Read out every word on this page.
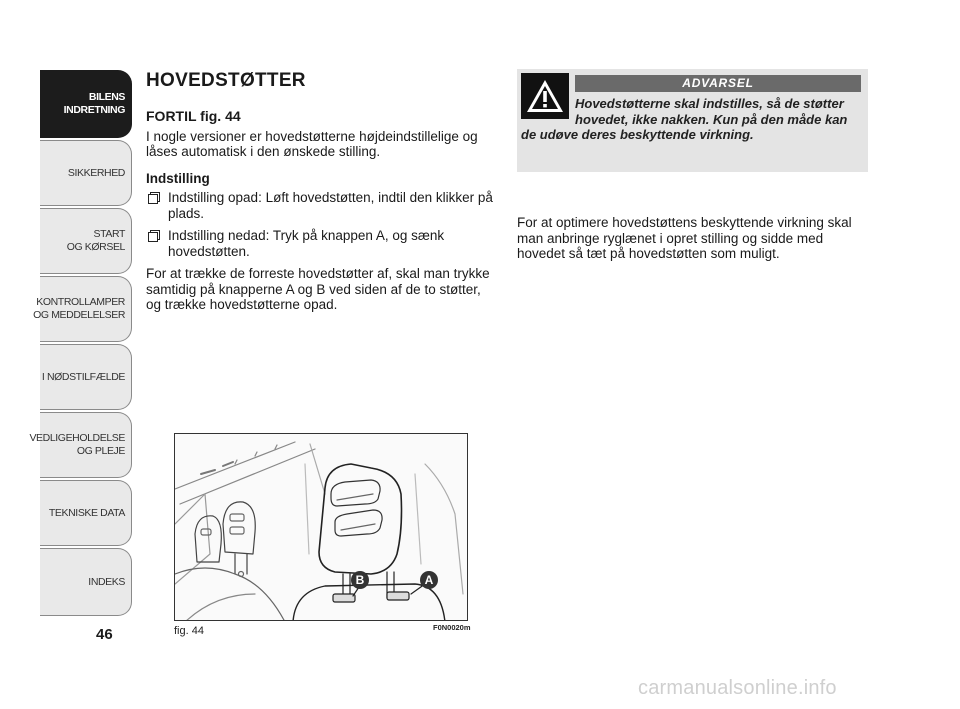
BILENS
INDRETNING
SIKKERHED
START
OG KØRSEL
KONTROLLAMPER
OG MEDDELELSER
I NØDSTILFÆLDE
VEDLIGEHOLDELSE
OG PLEJE
TEKNISKE DATA
INDEKS
46
HOVEDSTØTTER
FORTIL fig. 44
I nogle versioner er hovedstøtterne højdeindstillelige og låses automatisk i den ønskede stilling.
Indstilling
Indstilling opad: Løft hovedstøtten, indtil den klikker på plads.
Indstilling nedad: Tryk på knappen A, og sænk hovedstøtten.
For at trække de forreste hovedstøtter af, skal man trykke samtidig på knapperne A og B ved siden af de to støtter, og trække hovedstøtterne opad.
ADVARSEL
Hovedstøtterne skal indstilles, så de støtter hovedet, ikke nakken. Kun på den måde kan de udøve deres beskyttende virkning.
For at optimere hovedstøttens beskyttende virkning skal man anbringe ryglænet i opret stilling og sidde med hovedet så tæt på hovedstøtten som muligt.
B	A
fig. 44	F0N0020m
carmanualsonline.info
